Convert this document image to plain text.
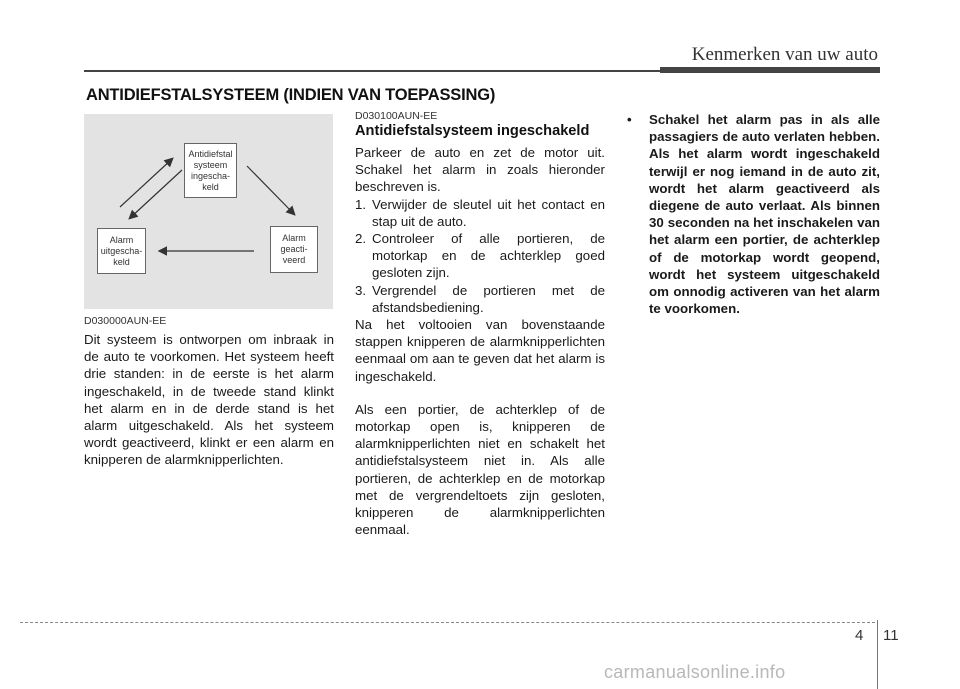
Kenmerken van uw auto
ANTIDIEFSTALSYSTEEM (INDIEN VAN TOEPASSING)
Antidiefstal systeem ingescha-keld
Alarm uitgescha-keld
Alarm geacti-veerd
D030000AUN-EE
Dit systeem is ontworpen om inbraak in de auto te voorkomen. Het systeem heeft drie standen: in de eerste is het alarm ingeschakeld, in de tweede stand klinkt het alarm en in de derde stand is het alarm uitgeschakeld. Als het systeem wordt geactiveerd, klinkt er een alarm en knipperen de alarmknipperlichten.
D030100AUN-EE
Antidiefstalsysteem ingeschakeld

Parkeer de auto en zet de motor uit. Schakel het alarm in zoals hieronder beschreven is.

1. Verwijder de sleutel uit het contact en stap uit de auto.
2. Controleer of alle portieren, de motorkap en de achterklep goed gesloten zijn.
3. Vergrendel de portieren met de afstandsbediening.

Na het voltooien van bovenstaande stappen knipperen de alarmknipperlichten eenmaal om aan te geven dat het alarm is ingeschakeld.

Als een portier, de achterklep of de motorkap open is, knipperen de alarmknipperlichten niet en schakelt het antidiefstalsysteem niet in. Als alle portieren, de achterklep en de motorkap met de vergrendeltoets zijn gesloten, knipperen de alarmknipperlichten eenmaal.

• Schakel het alarm pas in als alle passagiers de auto verlaten hebben. Als het alarm wordt ingeschakeld terwijl er nog iemand in de auto zit, wordt het alarm geactiveerd als diegene de auto verlaat. Als binnen 30 seconden na het inschakelen van het alarm een portier, de achterklep of de motorkap wordt geopend, wordt het systeem uitgeschakeld om onnodig activeren van het alarm te voorkomen.
4 11
carmanualsonline.info
